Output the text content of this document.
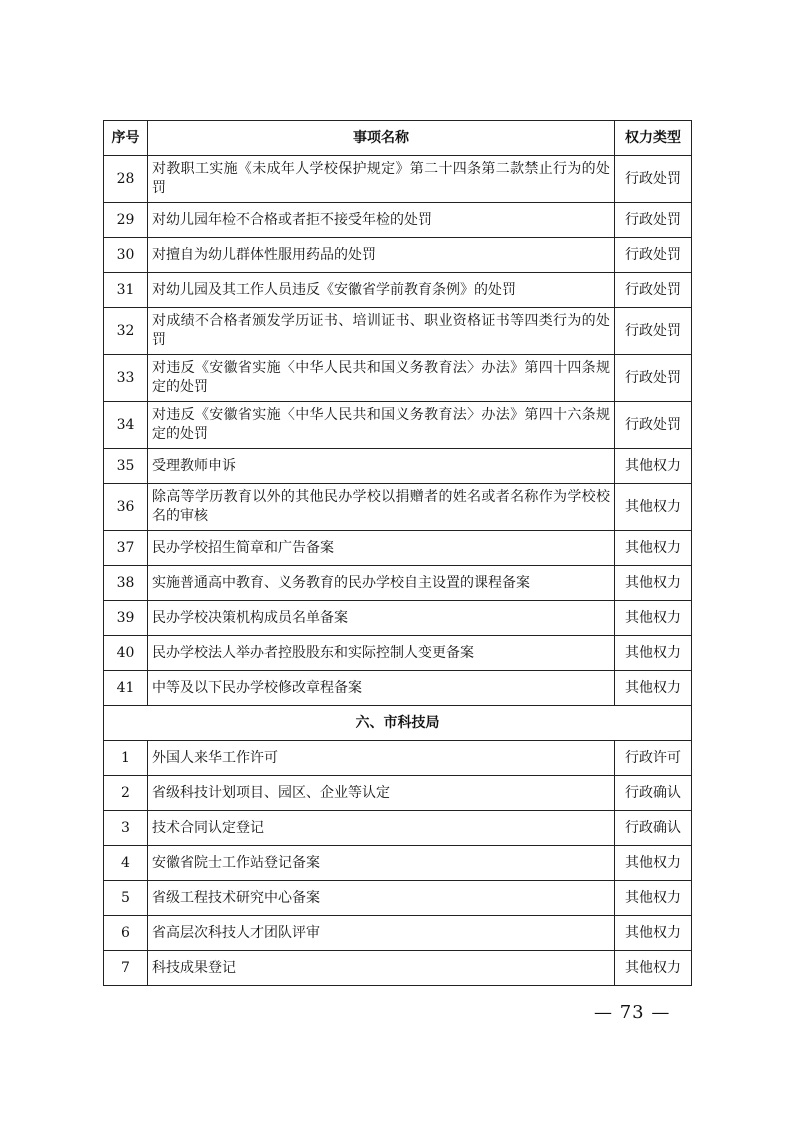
序号	事项名称	权力类型
28	对教职工实施《未成年人学校保护规定》第二十四条第二款禁止行为的处罚	行政处罚
29	对幼儿园年检不合格或者拒不接受年检的处罚	行政处罚
30	对擅自为幼儿群体性服用药品的处罚	行政处罚
31	对幼儿园及其工作人员违反《安徽省学前教育条例》的处罚	行政处罚
32	对成绩不合格者颁发学历证书、培训证书、职业资格证书等四类行为的处罚	行政处罚
33	对违反《安徽省实施〈中华人民共和国义务教育法〉办法》第四十四条规定的处罚	行政处罚
34	对违反《安徽省实施〈中华人民共和国义务教育法〉办法》第四十六条规定的处罚	行政处罚
35	受理教师申诉	其他权力
36	除高等学历教育以外的其他民办学校以捐赠者的姓名或者名称作为学校校名的审核	其他权力
37	民办学校招生简章和广告备案	其他权力
38	实施普通高中教育、义务教育的民办学校自主设置的课程备案	其他权力
39	民办学校决策机构成员名单备案	其他权力
40	民办学校法人举办者控股股东和实际控制人变更备案	其他权力
41	中等及以下民办学校修改章程备案	其他权力
六、市科技局		
1	外国人来华工作许可	行政许可
2	省级科技计划项目、园区、企业等认定	行政确认
3	技术合同认定登记	行政确认
4	安徽省院士工作站登记备案	其他权力
5	省级工程技术研究中心备案	其他权力
6	省高层次科技人才团队评审	其他权力
7	科技成果登记	其他权力
— 73 —
